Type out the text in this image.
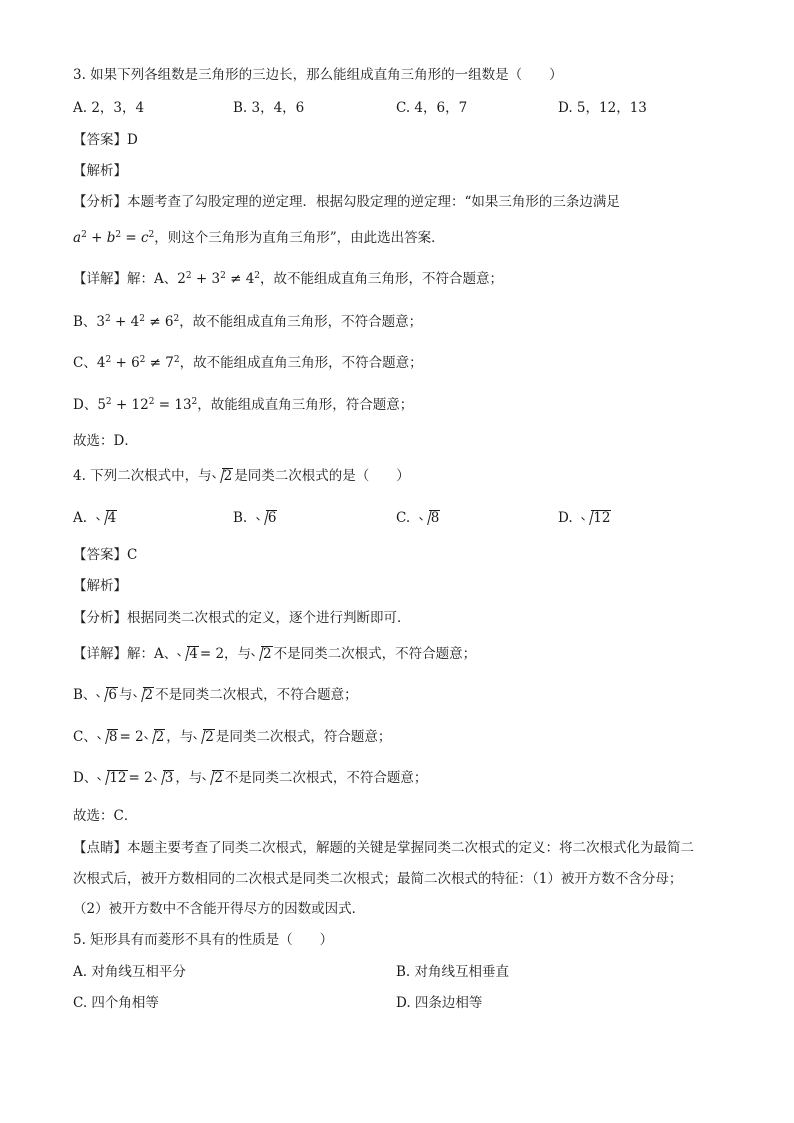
3. 如果下列各组数是三角形的三边长，那么能组成直角三角形的一组数是（　　）
A. 2，3，4	B. 3，4，6	C. 4，6，7	D. 5，12，13
【答案】D
【解析】
【分析】本题考查了勾股定理的逆定理．根据勾股定理的逆定理：“如果三角形的三条边满足
$a^2 + b^2 = c^2$，则这个三角形为直角三角形”，由此选出答案．
【详解】解：A、$2^2 + 3^2 \ne 4^2$，故不能组成直角三角形，不符合题意；
B、$3^2 + 4^2 \ne 6^2$，故不能组成直角三角形，不符合题意；
C、$4^2 + 6^2 \ne 7^2$，故不能组成直角三角形，不符合题意；
D、$5^2 + 12^2 = 13^2$，故能组成直角三角形，符合题意；
故选：D．
4. 下列二次根式中，与 2 是同类二次根式的是（　　）
A. 4	B. 6	C. 8	D. 12
【答案】C
【解析】
【分析】根据同类二次根式的定义，逐个进行判断即可．
【详解】解：A、 4 = 2，与 2 不是同类二次根式，不符合题意；
B、 6 与 2 不是同类二次根式，不符合题意；
C、 8 = 2 2 ，与 2 是同类二次根式，符合题意；
D、 12 = 2 3 ，与 2 不是同类二次根式，不符合题意；
故选：C．
【点睛】本题主要考查了同类二次根式，解题的关键是掌握同类二次根式的定义：将二次根式化为最简二
次根式后，被开方数相同的二次根式是同类二次根式；最简二次根式的特征：（1）被开方数不含分母；
（2）被开方数中不含能开得尽方的因数或因式．
5. 矩形具有而菱形不具有的性质是（　　）
A. 对角线互相平分	B. 对角线互相垂直
C. 四个角相等	D. 四条边相等
